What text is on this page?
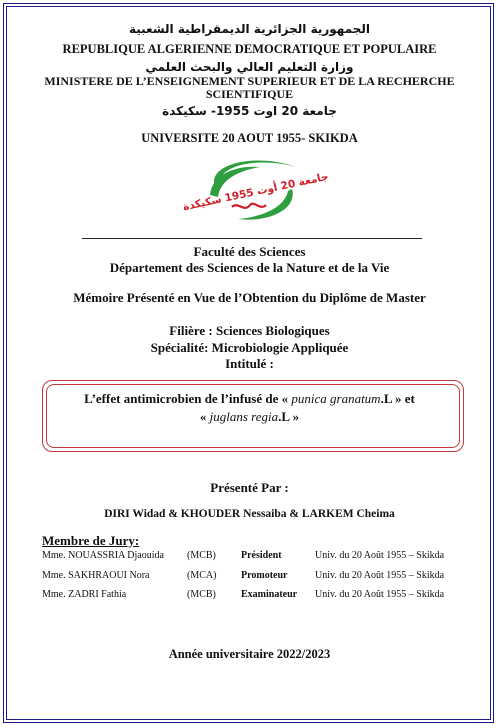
الجمهورية الجزائرية الديمقراطية الشعبية
REPUBLIQUE ALGERIENNE DEMOCRATIQUE ET POPULAIRE
وزارة التعليم العالي والبحث العلمي
MINISTERE DE L’ENSEIGNEMENT SUPERIEUR ET DE LA RECHERCHE
SCIENTIFIQUE
جامعة 20 اوت 1955- سكيكدة
UNIVERSITE 20 AOUT 1955- SKIKDA
جامعة 20 أوت 1955 سكيكدة
Faculté des Sciences
Département des Sciences de la Nature et de la Vie
Mémoire Présenté en Vue de l’Obtention du Diplôme de Master
Filière : Sciences Biologiques
Spécialité: Microbiologie Appliquée
Intitulé :
L’effet antimicrobien de l’infusé de « punica granatum.L » et
« juglans regia.L »
Présenté Par :
DIRI Widad & KHOUDER Nessaiba & LARKEM Cheima
Membre de Jury:
Mme. NOUASSRIA Djaouida (MCB)	Président	Univ. du 20 Août 1955 – Skikda
Mme. SAKHRAOUI Nora	(MCA) Promoteur	Univ. du 20 Août 1955 – Skikda
Mme. ZADRI Fathia	(MCB)	Examinateur Univ. du 20 Août 1955 – Skikda
Année universitaire 2022/2023
